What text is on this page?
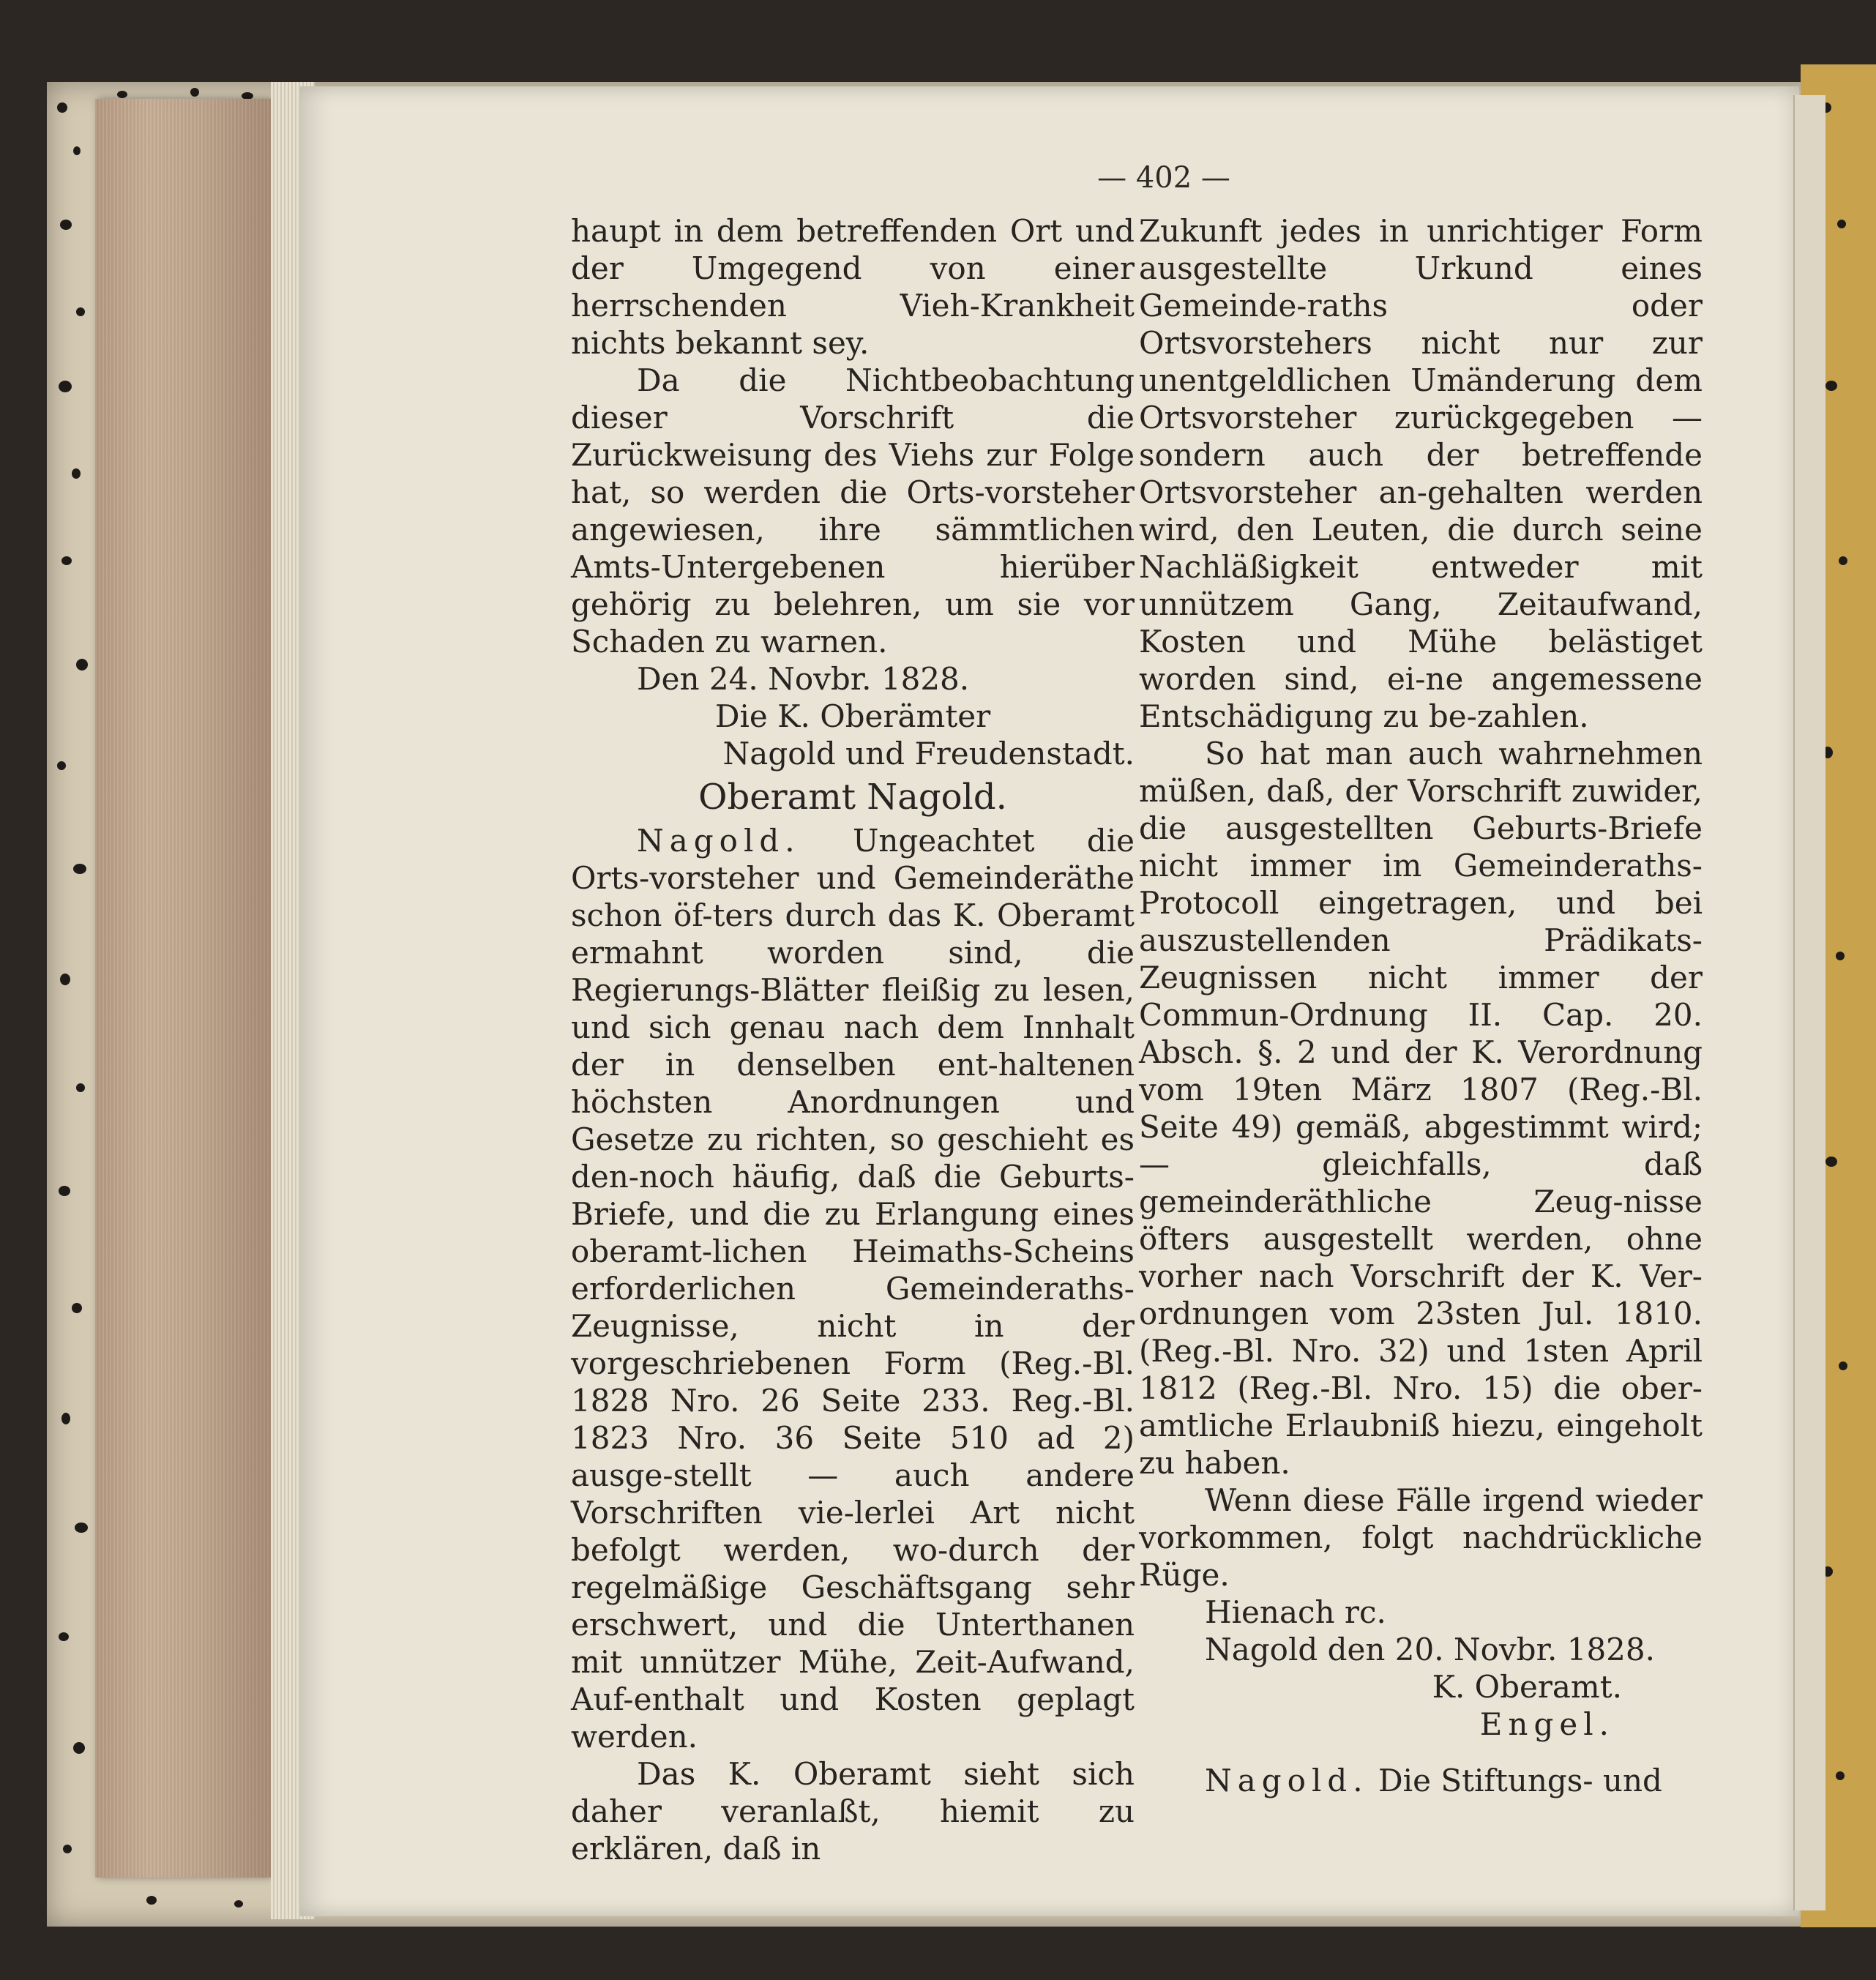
— 402 —

haupt in dem betreffenden Ort und der Umgegend von einer herrschenden Vieh-Krankheit nichts bekannt sey.

Da die Nichtbeobachtung dieser Vorschrift die Zurückweisung des Viehs zur Folge hat, so werden die Orts-vorsteher angewiesen, ihre sämmtlichen Amts-Untergebenen hierüber gehörig zu belehren, um sie vor Schaden zu warnen.

Den 24. Novbr. 1828.

Die K. Oberämter

Nagold und Freudenstadt.

Oberamt Nagold.

Nagold. Ungeachtet die Orts-vorsteher und Gemeinderäthe schon öf-ters durch das K. Oberamt ermahnt worden sind, die Regierungs-Blätter fleißig zu lesen, und sich genau nach dem Innhalt der in denselben ent-haltenen höchsten Anordnungen und Gesetze zu richten, so geschieht es den-noch häufig, daß die Geburts-Briefe, und die zu Erlangung eines oberamt-lichen Heimaths-Scheins erforderlichen Gemeinderaths-Zeugnisse, nicht in der vorgeschriebenen Form (Reg.-Bl. 1828 Nro. 26 Seite 233. Reg.-Bl. 1823 Nro. 36 Seite 510 ad 2) ausge-stellt — auch andere Vorschriften vie-lerlei Art nicht befolgt werden, wo-durch der regelmäßige Geschäftsgang sehr erschwert, und die Unterthanen mit unnützer Mühe, Zeit-Aufwand, Auf-enthalt und Kosten geplagt werden.

Das K. Oberamt sieht sich daher veranlaßt, hiemit zu erklären, daß in

Zukunft jedes in unrichtiger Form ausgestellte Urkund eines Gemeinde-raths oder Ortsvorstehers nicht nur zur unentgeldlichen Umänderung dem Ortsvorsteher zurückgegeben — sondern auch der betreffende Ortsvorsteher an-gehalten werden wird, den Leuten, die durch seine Nachläßigkeit entweder mit unnützem Gang, Zeitaufwand, Kosten und Mühe belästiget worden sind, ei-ne angemessene Entschädigung zu be-zahlen.

So hat man auch wahrnehmen müßen, daß, der Vorschrift zuwider, die ausgestellten Geburts-Briefe nicht immer im Gemeinderaths-Protocoll eingetragen, und bei auszustellenden Prädikats-Zeugnissen nicht immer der Commun-Ordnung II. Cap. 20. Absch. §. 2 und der K. Verordnung vom 19ten März 1807 (Reg.-Bl. Seite 49) gemäß, abgestimmt wird; — gleichfalls, daß gemeinderäthliche Zeug-nisse öfters ausgestellt werden, ohne vorher nach Vorschrift der K. Ver-ordnungen vom 23sten Jul. 1810. (Reg.-Bl. Nro. 32) und 1sten April 1812 (Reg.-Bl. Nro. 15) die ober-amtliche Erlaubniß hiezu, eingeholt zu haben.

Wenn diese Fälle irgend wieder vorkommen, folgt nachdrückliche Rüge.

Hienach rc.

Nagold den 20. Novbr. 1828.

K. Oberamt.

Engel.

Nagold. Die Stiftungs- und
